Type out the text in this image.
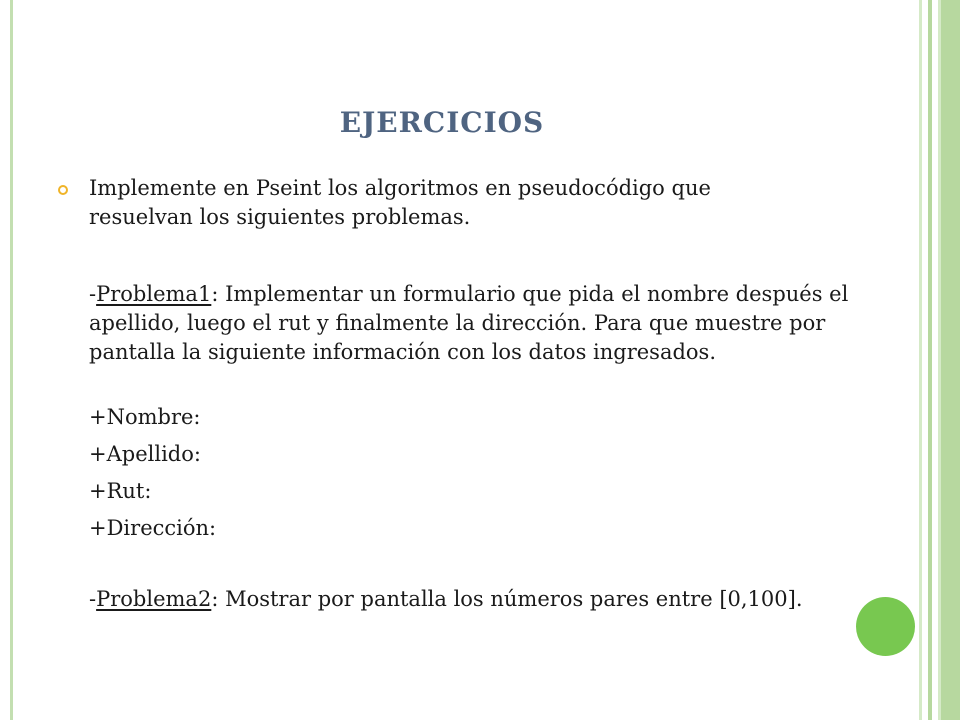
EJERCICIOS
Implemente en Pseint los algoritmos en pseudocódigo que resuelvan los siguientes problemas.
-Problema1: Implementar un formulario que pida el nombre después el apellido, luego el rut y finalmente la dirección. Para que muestre por pantalla la siguiente información con los datos ingresados.
+Nombre:
+Apellido:
+Rut:
+Dirección:
-Problema2: Mostrar por pantalla los números pares entre [0,100].
